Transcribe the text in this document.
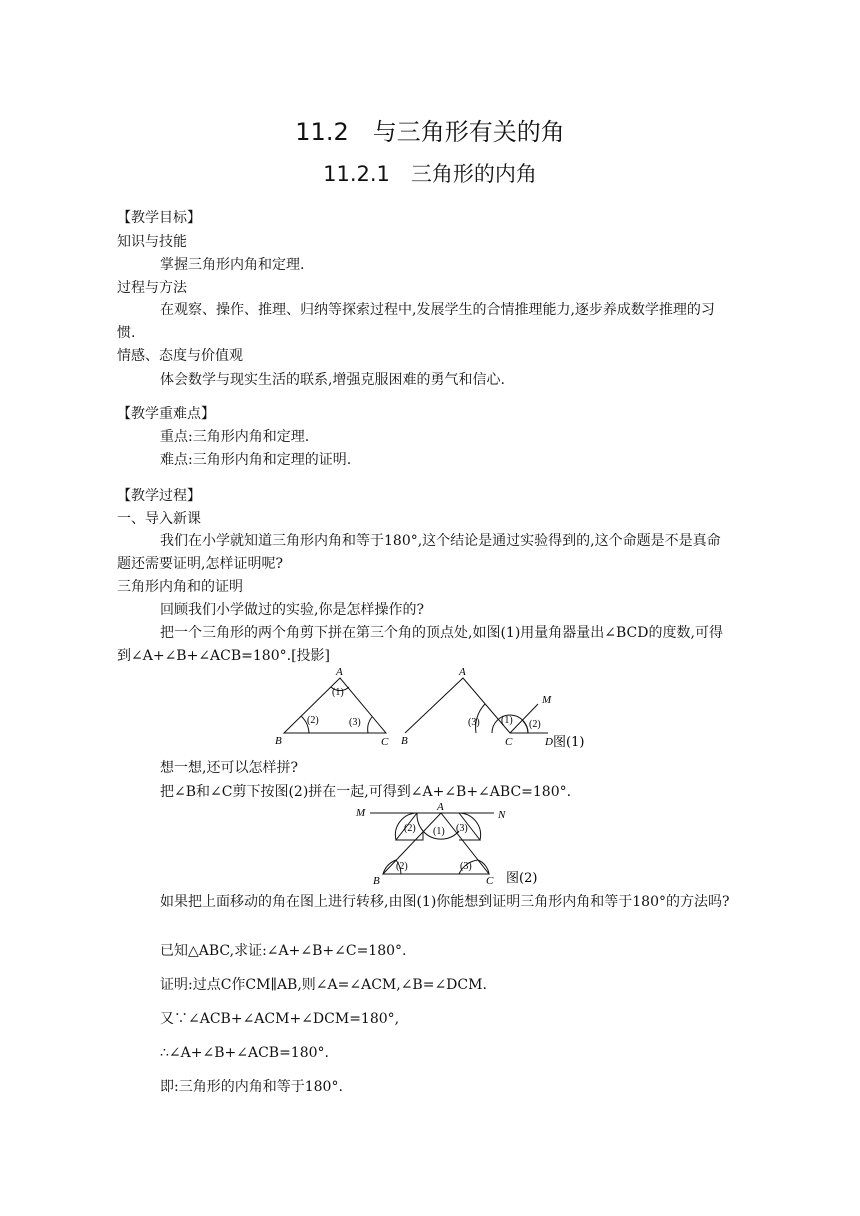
11.2　与三角形有关的角
11.2.1　三角形的内角
【教学目标】
知识与技能
掌握三角形内角和定理.
过程与方法
在观察、操作、推理、归纳等探索过程中,发展学生的合情推理能力,逐步养成数学推理的习惯.
情感、态度与价值观
体会数学与现实生活的联系,增强克服困难的勇气和信心.
【教学重难点】
重点:三角形内角和定理.
难点:三角形内角和定理的证明.
【教学过程】
一、导入新课
我们在小学就知道三角形内角和等于180°,这个结论是通过实验得到的,这个命题是不是真命题还需要证明,怎样证明呢?
三角形内角和的证明
回顾我们小学做过的实验,你是怎样操作的?
把一个三角形的两个角剪下拼在第三个角的顶点处,如图(1)用量角器量出∠BCD的度数,可得到∠A+∠B+∠ACB=180°.[投影]
A
B	C
(1)
(2)	(3)
A
B	C	D
M
(3) (1) (2)
图(1)
想一想,还可以怎样拼?
把∠B和∠C剪下按图(2)拼在一起,可得到∠A+∠B+∠ABC=180°.
M	N
A
B	C
(2) (1) (3)
(2)	(3)
图(2)
如果把上面移动的角在图上进行转移,由图(1)你能想到证明三角形内角和等于180°的方法吗?
已知△ABC,求证:∠A+∠B+∠C=180°.
证明:过点C作CM∥AB,则∠A=∠ACM,∠B=∠DCM.
又∵∠ACB+∠ACM+∠DCM=180°,
∴∠A+∠B+∠ACB=180°.
即:三角形的内角和等于180°.
